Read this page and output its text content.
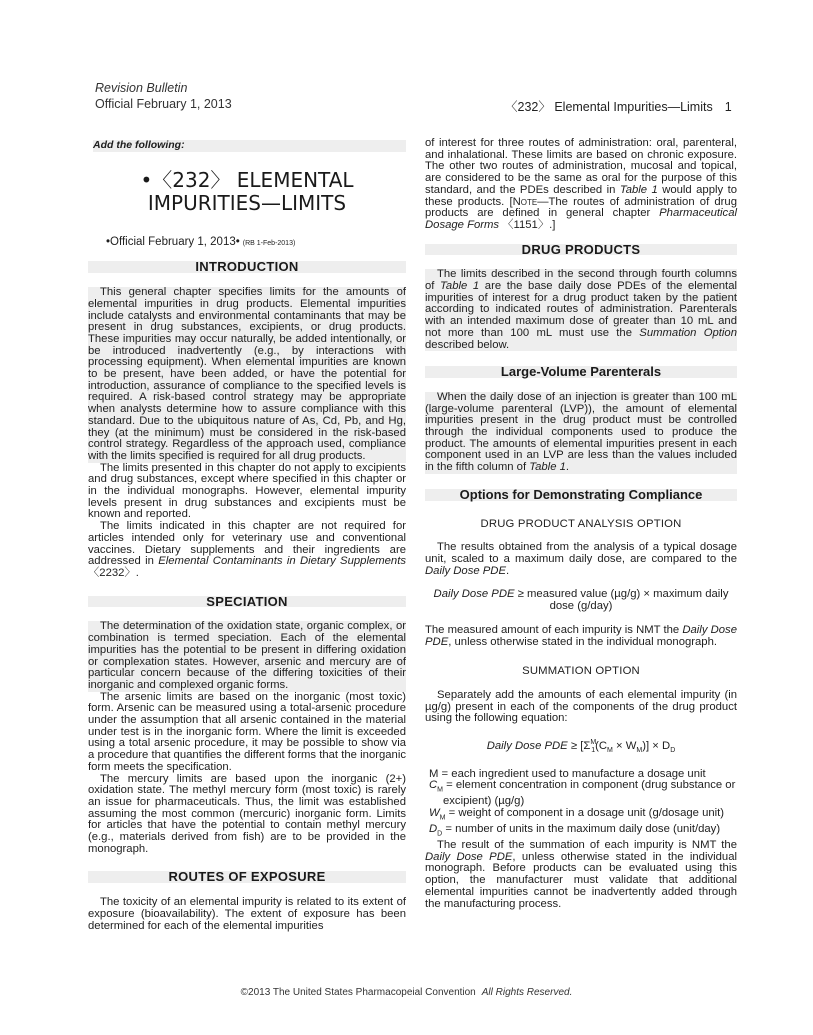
Revision Bulletin
Official February 1, 2013	〈232〉 Elemental Impurities—Limits 1
Add the following:
•〈232〉 ELEMENTAL IMPURITIES—LIMITS
•Official February 1, 2013• (RB 1-Feb-2013)
INTRODUCTION

This general chapter specifies limits for the amounts of elemental impurities in drug products. Elemental impurities include catalysts and environmental contaminants that may be present in drug substances, excipients, or drug products. These impurities may occur naturally, be added intentionally, or be introduced inadvertently (e.g., by interactions with processing equipment). When elemental impurities are known to be present, have been added, or have the potential for introduction, assurance of compliance to the specified levels is required. A risk-based control strategy may be appropriate when analysts determine how to assure compliance with this standard. Due to the ubiquitous nature of As, Cd, Pb, and Hg, they (at the minimum) must be considered in the risk-based control strategy. Regardless of the approach used, compliance with the limits specified is required for all drug products.

The limits presented in this chapter do not apply to excipients and drug substances, except where specified in this chapter or in the individual monographs. However, elemental impurity levels present in drug substances and excipients must be known and reported.

The limits indicated in this chapter are not required for articles intended only for veterinary use and conventional vaccines. Dietary supplements and their ingredients are addressed in Elemental Contaminants in Dietary Supplements 〈2232〉.

SPECIATION

The determination of the oxidation state, organic complex, or combination is termed speciation. Each of the elemental impurities has the potential to be present in differing oxidation or complexation states. However, arsenic and mercury are of particular concern because of the differing toxicities of their inorganic and complexed organic forms.

The arsenic limits are based on the inorganic (most toxic) form. Arsenic can be measured using a total-arsenic procedure under the assumption that all arsenic contained in the material under test is in the inorganic form. Where the limit is exceeded using a total arsenic procedure, it may be possible to show via a procedure that quantifies the different forms that the inorganic form meets the specification.

The mercury limits are based upon the inorganic (2+) oxidation state. The methyl mercury form (most toxic) is rarely an issue for pharmaceuticals. Thus, the limit was established assuming the most common (mercuric) inorganic form. Limits for articles that have the potential to contain methyl mercury (e.g., materials derived from fish) are to be provided in the monograph.

ROUTES OF EXPOSURE

The toxicity of an elemental impurity is related to its extent of exposure (bioavailability). The extent of exposure has been determined for each of the elemental impurities

of interest for three routes of administration: oral, parenteral, and inhalational. These limits are based on chronic exposure. The other two routes of administration, mucosal and topical, are considered to be the same as oral for the purpose of this standard, and the PDEs described in Table 1 would apply to these products. [Note—The routes of administration of drug products are defined in general chapter Pharmaceutical Dosage Forms 〈1151〉.]

DRUG PRODUCTS

The limits described in the second through fourth columns of Table 1 are the base daily dose PDEs of the elemental impurities of interest for a drug product taken by the patient according to indicated routes of administration. Parenterals with an intended maximum dose of greater than 10 mL and not more than 100 mL must use the Summation Option described below.

Large-Volume Parenterals

When the daily dose of an injection is greater than 100 mL (large-volume parenteral (LVP)), the amount of elemental impurities present in the drug product must be controlled through the individual components used to produce the product. The amounts of elemental impurities present in each component used in an LVP are less than the values included in the fifth column of Table 1.

Options for Demonstrating Compliance
DRUG PRODUCT ANALYSIS OPTION

The results obtained from the analysis of a typical dosage unit, scaled to a maximum daily dose, are compared to the Daily Dose PDE.

Daily Dose PDE ≥ measured value (µg/g) × maximum daily dose (g/day)

The measured amount of each impurity is NMT the Daily Dose PDE, unless otherwise stated in the individual monograph.

SUMMATION OPTION

Separately add the amounts of each elemental impurity (in µg/g) present in each of the components of the drug product using the following equation:

Daily Dose PDE ≥ $[\Sigma^M_1(C_M \times W_M)] \times D_D$
M = each ingredient used to manufacture a dosage unit
$C_M$ = element concentration in component (drug substance or excipient) (µg/g)
$W_M$ = weight of component in a dosage unit (g/dosage unit)
$D_D$ = number of units in the maximum daily dose (unit/day)

The result of the summation of each impurity is NMT the Daily Dose PDE, unless otherwise stated in the individual monograph. Before products can be evaluated using this option, the manufacturer must validate that additional elemental impurities cannot be inadvertently added through the manufacturing process.

©2013 The United States Pharmacopeial Convention All Rights Reserved.
